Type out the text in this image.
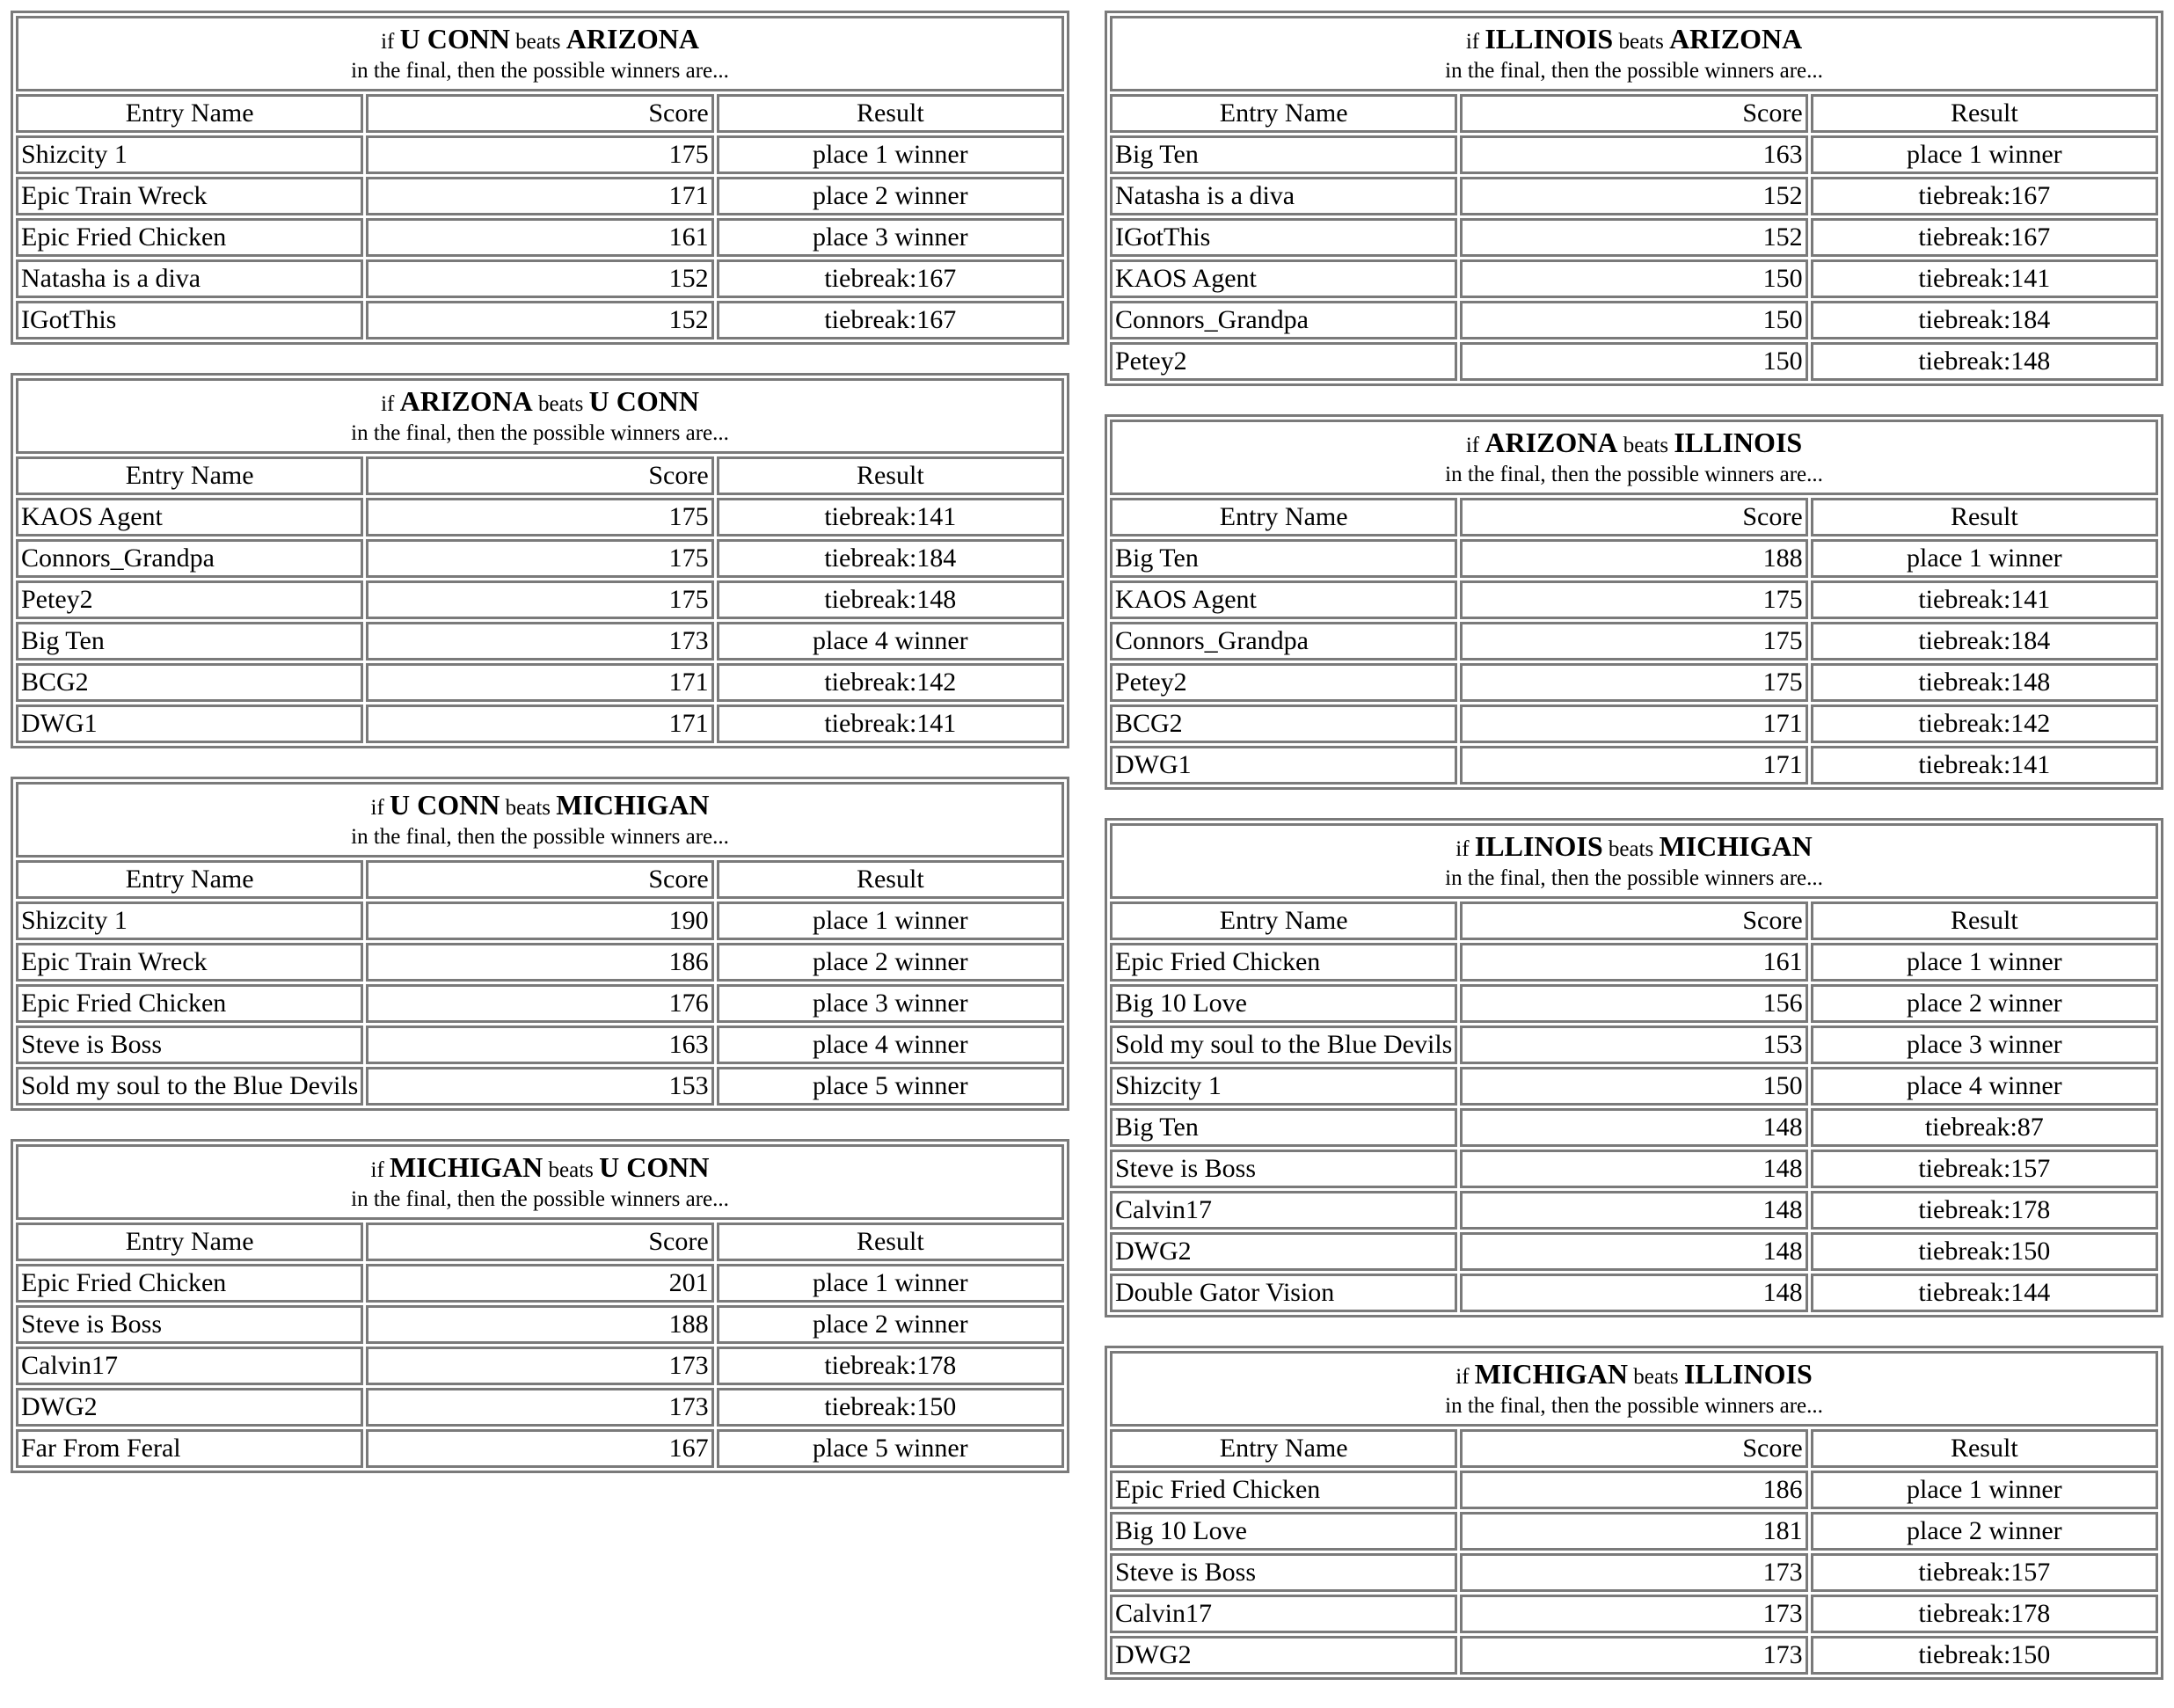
if U CONN beats ARIZONA
in the final, then the possible winners are...		

Entry Name	Score	Result
Shizcity 1	175	place 1 winner
Epic Train Wreck	171	place 2 winner
Epic Fried Chicken	161	place 3 winner
Natasha is a diva	152	tiebreak:167
IGotThis	152	tiebreak:167
if ARIZONA beats U CONN
in the final, then the possible winners are...		

Entry Name	Score	Result
KAOS Agent	175	tiebreak:141
Connors_Grandpa	175	tiebreak:184
Petey2	175	tiebreak:148
Big Ten	173	place 4 winner
BCG2	171	tiebreak:142
DWG1	171	tiebreak:141
if U CONN beats MICHIGAN
in the final, then the possible winners are...		

Entry Name	Score	Result
Shizcity 1	190	place 1 winner
Epic Train Wreck	186	place 2 winner
Epic Fried Chicken	176	place 3 winner
Steve is Boss	163	place 4 winner
Sold my soul to the Blue Devils	153	place 5 winner
if MICHIGAN beats U CONN
in the final, then the possible winners are...		

Entry Name	Score	Result
Epic Fried Chicken	201	place 1 winner
Steve is Boss	188	place 2 winner
Calvin17	173	tiebreak:178
DWG2	173	tiebreak:150
Far From Feral	167	place 5 winner
if ILLINOIS beats ARIZONA
in the final, then the possible winners are...		

Entry Name	Score	Result
Big Ten	163	place 1 winner
Natasha is a diva	152	tiebreak:167
IGotThis	152	tiebreak:167
KAOS Agent	150	tiebreak:141
Connors_Grandpa	150	tiebreak:184
Petey2	150	tiebreak:148
if ARIZONA beats ILLINOIS
in the final, then the possible winners are...		

Entry Name	Score	Result
Big Ten	188	place 1 winner
KAOS Agent	175	tiebreak:141
Connors_Grandpa	175	tiebreak:184
Petey2	175	tiebreak:148
BCG2	171	tiebreak:142
DWG1	171	tiebreak:141
if ILLINOIS beats MICHIGAN
in the final, then the possible winners are...		

Entry Name	Score	Result
Epic Fried Chicken	161	place 1 winner
Big 10 Love	156	place 2 winner
Sold my soul to the Blue Devils	153	place 3 winner
Shizcity 1	150	place 4 winner
Big Ten	148	tiebreak:87
Steve is Boss	148	tiebreak:157
Calvin17	148	tiebreak:178
DWG2	148	tiebreak:150
Double Gator Vision	148	tiebreak:144
if MICHIGAN beats ILLINOIS
in the final, then the possible winners are...		

Entry Name	Score	Result
Epic Fried Chicken	186	place 1 winner
Big 10 Love	181	place 2 winner
Steve is Boss	173	tiebreak:157
Calvin17	173	tiebreak:178
DWG2	173	tiebreak:150
